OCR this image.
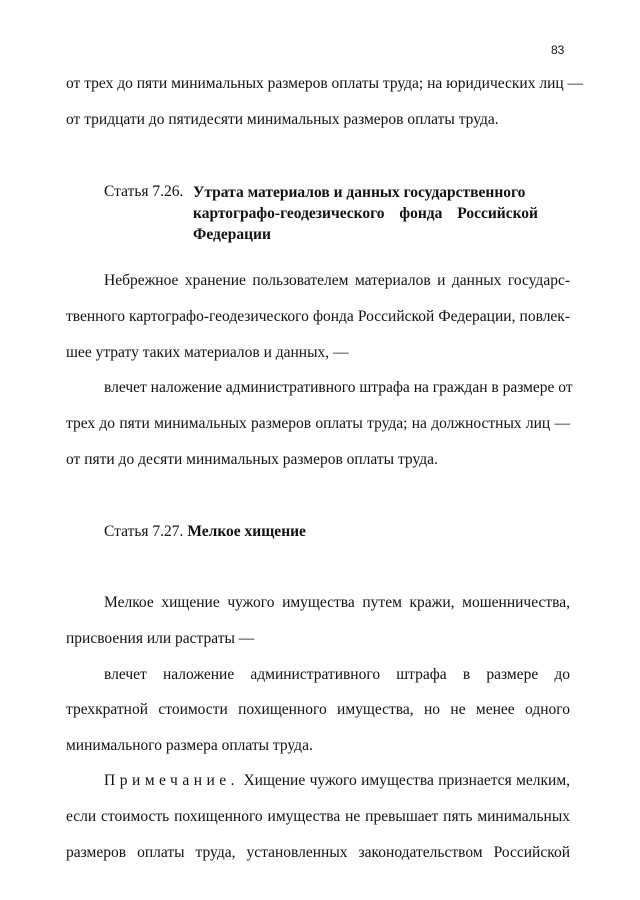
83
от трех до пяти минимальных размеров оплаты труда; на юридических лиц —
от тридцати до пятидесяти минимальных размеров оплаты труда.
Статья 7.26. Утрата материалов и данных государственного
картографо-геодезического фонда Российской
Федерации
Небрежное хранение пользователем материалов и данных государс-
твенного картографо-геодезического фонда Российской Федерации, повлек-
шее утрату таких материалов и данных, —
влечет наложение административного штрафа на граждан в размере от
трех до пяти минимальных размеров оплаты труда; на должностных лиц —
от пяти до десяти минимальных размеров оплаты труда.
Статья 7.27. Мелкое хищение
Мелкое хищение чужого имущества путем кражи, мошенничества,
присвоения или растраты —
влечет наложение административного штрафа в размере до
трехкратной стоимости похищенного имущества, но не менее одного
минимального размера оплаты труда.
Примечание. Хищение чужого имущества признается мелким,
если стоимость похищенного имущества не превышает пять минимальных
размеров оплаты труда, установленных законодательством Российской
